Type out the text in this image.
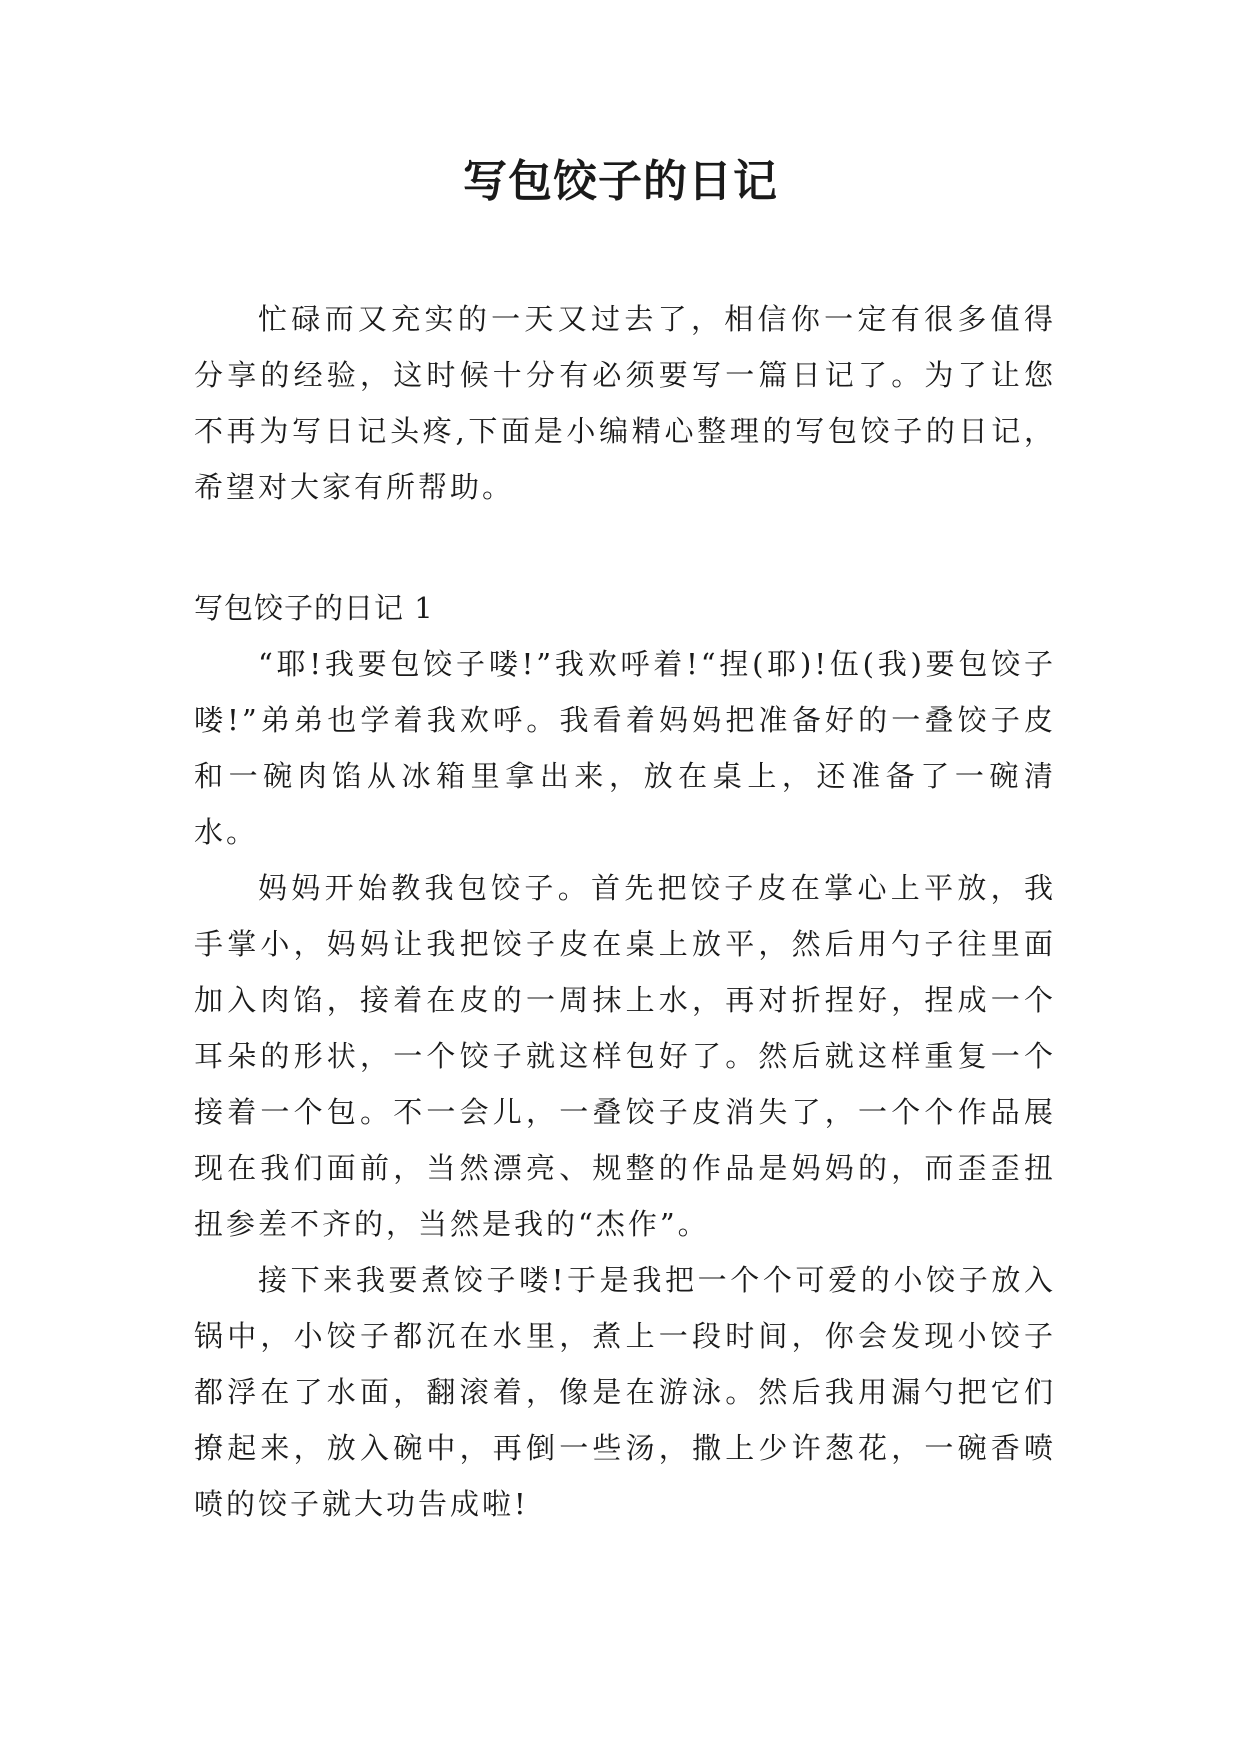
写包饺子的日记

忙碌而又充实的一天又过去了，相信你一定有很多值得分享的经验，这时候十分有必须要写一篇日记了。为了让您不再为写日记头疼,下面是小编精心整理的写包饺子的日记，希望对大家有所帮助。

写包饺子的日记 1

“耶!我要包饺子喽!”我欢呼着!“捏(耶)!伍(我)要包饺子喽!”弟弟也学着我欢呼。我看着妈妈把准备好的一叠饺子皮和一碗肉馅从冰箱里拿出来，放在桌上，还准备了一碗清水。

妈妈开始教我包饺子。首先把饺子皮在掌心上平放，我手掌小，妈妈让我把饺子皮在桌上放平，然后用勺子往里面加入肉馅，接着在皮的一周抹上水，再对折捏好，捏成一个耳朵的形状，一个饺子就这样包好了。然后就这样重复一个接着一个包。不一会儿，一叠饺子皮消失了，一个个作品展现在我们面前，当然漂亮、规整的作品是妈妈的，而歪歪扭扭参差不齐的，当然是我的“杰作”。

接下来我要煮饺子喽!于是我把一个个可爱的小饺子放入锅中，小饺子都沉在水里，煮上一段时间，你会发现小饺子都浮在了水面，翻滚着，像是在游泳。然后我用漏勺把它们撩起来，放入碗中，再倒一些汤，撒上少许葱花，一碗香喷喷的饺子就大功告成啦!
